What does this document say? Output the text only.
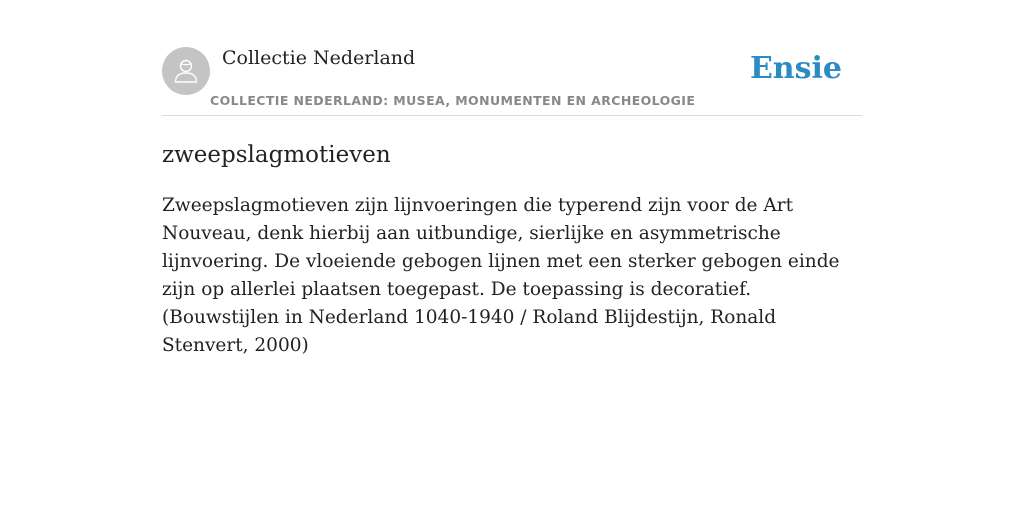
Collectie Nederland
COLLECTIE NEDERLAND: MUSEA, MONUMENTEN EN ARCHEOLOGIE
Ensie
zweepslagmotieven

Zweepslagmotieven zijn lijnvoeringen die typerend zijn voor de Art Nouveau, denk hierbij aan uitbundige, sierlijke en asymmetrische lijnvoering. De vloeiende gebogen lijnen met een sterker gebogen einde zijn op allerlei plaatsen toegepast. De toepassing is decoratief. (Bouwstijlen in Nederland 1040-1940 / Roland Blijdestijn, Ronald Stenvert, 2000)
